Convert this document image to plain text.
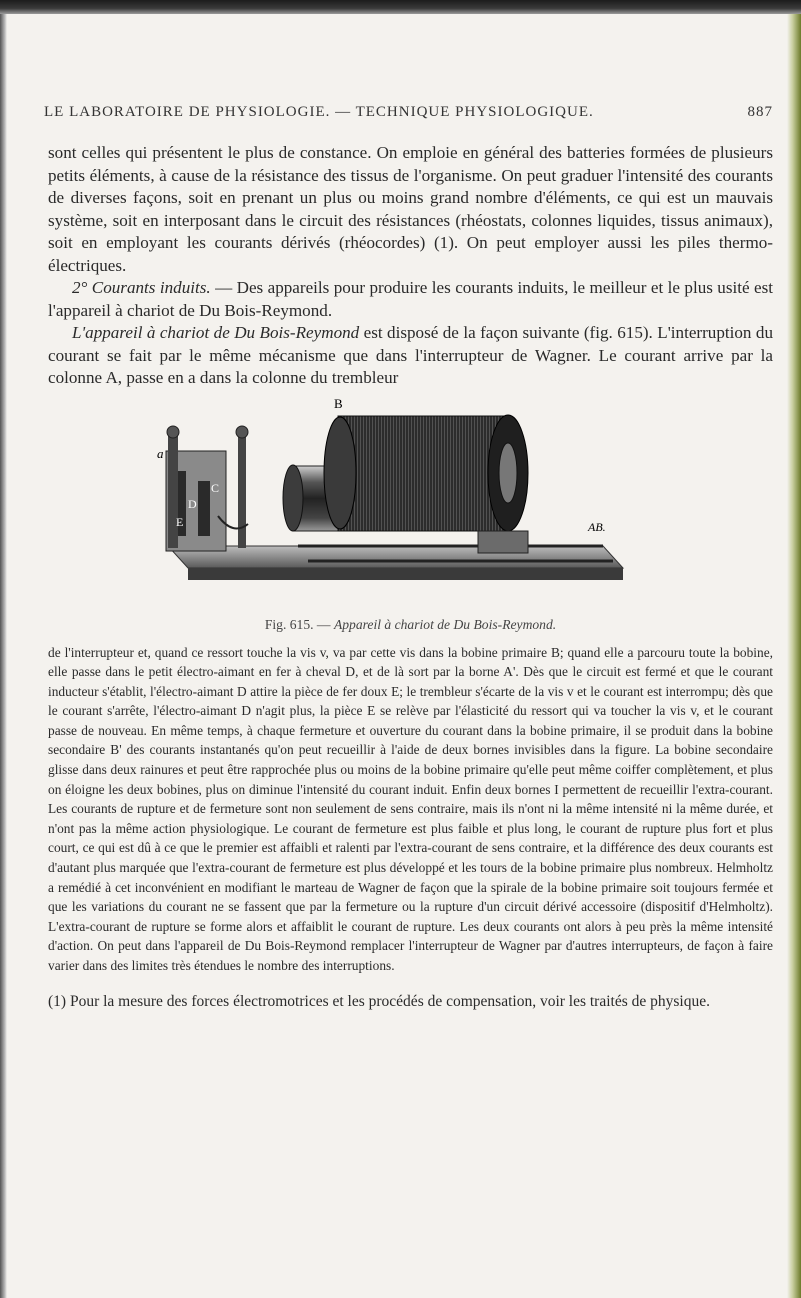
LE LABORATOIRE DE PHYSIOLOGIE. — TECHNIQUE PHYSIOLOGIQUE.	887

sont celles qui présentent le plus de constance. On emploie en général des batteries formées de plusieurs petits éléments, à cause de la résistance des tissus de l'organisme. On peut graduer l'intensité des courants de diverses façons, soit en prenant un plus ou moins grand nombre d'éléments, ce qui est un mauvais système, soit en interposant dans le circuit des résistances (rhéostats, colonnes liquides, tissus animaux), soit en employant les courants dérivés (rhéocordes) (1). On peut employer aussi les piles thermo-électriques.

2° Courants induits. — Des appareils pour produire les courants induits, le meilleur et le plus usité est l'appareil à chariot de Du Bois-Reymond.

L'appareil à chariot de Du Bois-Reymond est disposé de la façon suivante (fig. 615). L'interruption du courant se fait par le même mécanisme que dans l'interrupteur de Wagner. Le courant arrive par la colonne A, passe en a dans la colonne du trembleur

B
a
C
D
E	AB.
Fig. 615. — Appareil à chariot de Du Bois-Reymond.

de l'interrupteur et, quand ce ressort touche la vis v, va par cette vis dans la bobine primaire B; quand elle a parcouru toute la bobine, elle passe dans le petit électro-aimant en fer à cheval D, et de là sort par la borne A'. Dès que le circuit est fermé et que le courant inducteur s'établit, l'électro-aimant D attire la pièce de fer doux E; le trembleur s'écarte de la vis v et le courant est interrompu; dès que le courant s'arrête, l'électro-aimant D n'agit plus, la pièce E se relève par l'élasticité du ressort qui va toucher la vis v, et le courant passe de nouveau. En même temps, à chaque fermeture et ouverture du courant dans la bobine primaire, il se produit dans la bobine secondaire B' des courants instantanés qu'on peut recueillir à l'aide de deux bornes invisibles dans la figure. La bobine secondaire glisse dans deux rainures et peut être rapprochée plus ou moins de la bobine primaire qu'elle peut même coiffer complètement, et plus on éloigne les deux bobines, plus on diminue l'intensité du courant induit. Enfin deux bornes I permettent de recueillir l'extra-courant. Les courants de rupture et de fermeture sont non seulement de sens contraire, mais ils n'ont ni la même intensité ni la même durée, et n'ont pas la même action physiologique. Le courant de fermeture est plus faible et plus long, le courant de rupture plus fort et plus court, ce qui est dû à ce que le premier est affaibli et ralenti par l'extra-courant de sens contraire, et la différence des deux courants est d'autant plus marquée que l'extra-courant de fermeture est plus développé et les tours de la bobine primaire plus nombreux. Helmholtz a remédié à cet inconvénient en modifiant le marteau de Wagner de façon que la spirale de la bobine primaire soit toujours fermée et que les variations du courant ne se fassent que par la fermeture ou la rupture d'un circuit dérivé accessoire (dispositif d'Helmholtz). L'extra-courant de rupture se forme alors et affaiblit le courant de rupture. Les deux courants ont alors à peu près la même intensité d'action. On peut dans l'appareil de Du Bois-Reymond remplacer l'interrupteur de Wagner par d'autres interrupteurs, de façon à faire varier dans des limites très étendues le nombre des interruptions.

(1) Pour la mesure des forces électromotrices et les procédés de compensation, voir les traités de physique.
